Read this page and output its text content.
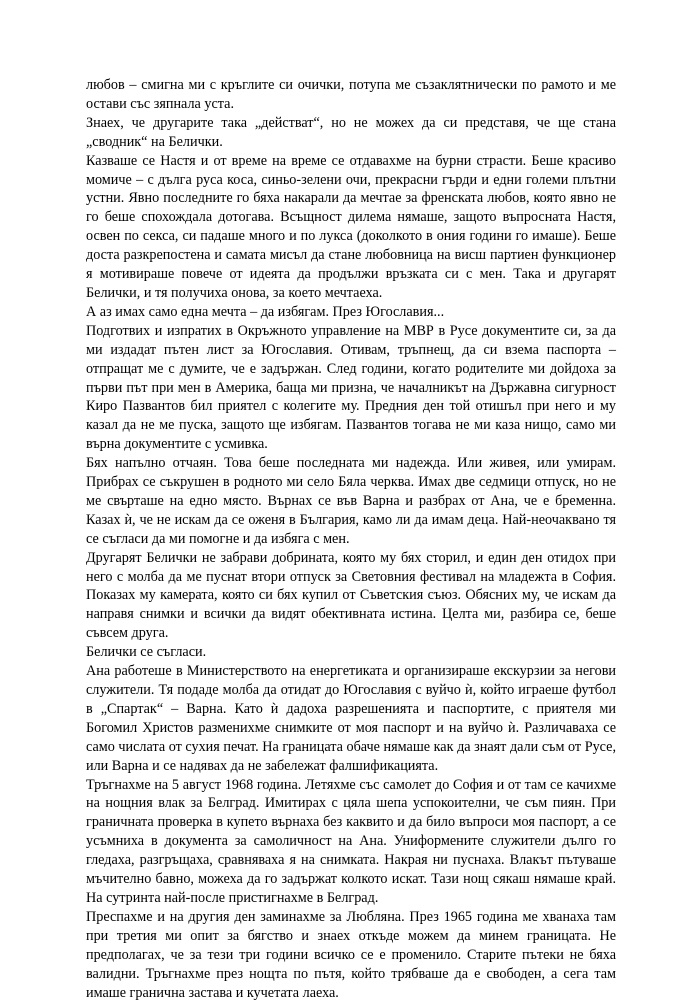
любов – смигна ми с кръглите си очички, потупа ме съзаклятнически по рамото и ме остави със зяпнала уста.

Знаех, че другарите така „действат“, но не можех да си представя, че ще стана „сводник“ на Белички.

Казваше се Настя и от време на време се отдавахме на бурни страсти. Беше красиво момиче – с дълга руса коса, синьо-зелени очи, прекрасни гърди и едни големи плътни устни. Явно последните го бяха накарали да мечтае за френската любов, която явно не го беше спохождала дотогава. Всъщност дилема нямаше, защото въпросната Настя, освен по секса, си падаше много и по лукса (доколкото в ония години го имаше). Беше доста разкрепостена и самата мисъл да стане любовница на висш партиен функционер я мотивираше повече от идеята да продължи връзката си с мен. Така и другарят Белички, и тя получиха онова, за което мечтаеха.

А аз имах само една мечта – да избягам. През Югославия...

Подготвих и изпратих в Окръжното управление на МВР в Русе документите си, за да ми издадат пътен лист за Югославия. Отивам, тръпнещ, да си взема паспорта – отпращат ме с думите, че е задържан. След години, когато родителите ми дойдоха за първи път при мен в Америка, баща ми призна, че началникът на Държавна сигурност Киро Пазвантов бил приятел с колегите му. Предния ден той отишъл при него и му казал да не ме пуска, защото ще избягам. Пазвантов тогава не ми каза нищо, само ми върна документите с усмивка.

Бях напълно отчаян. Това беше последната ми надежда. Или живея, или умирам. Прибрах се съкрушен в родното ми село Бяла черква. Имах две седмици отпуск, но не ме свърташе на едно място. Върнах се във Варна и разбрах от Ана, че е бременна. Казах ѝ, че не искам да се оженя в България, камо ли да имам деца. Най-неочаквано тя се съгласи да ми помогне и да избяга с мен.

Другарят Белички не забрави добрината, която му бях сторил, и един ден отидох при него с молба да ме пуснат втори отпуск за Световния фестивал на младежта в София. Показах му камерата, която си бях купил от Съветския съюз. Обясних му, че искам да направя снимки и всички да видят обективната истина. Целта ми, разбира се, беше съвсем друга.

Белички се съгласи.

Ана работеше в Министерството на енергетиката и организираше екскурзии за негови служители. Тя подаде молба да отидат до Югославия с вуйчо ѝ, който играеше футбол в „Спартак“ – Варна. Като ѝ дадоха разрешенията и паспортите, с приятеля ми Богомил Христов разменихме снимките от моя паспорт и на вуйчо ѝ. Различаваха се само числата от сухия печат. На границата обаче нямаше как да знаят дали съм от Русе, или Варна и се надявах да не забележат фалшификацията.

Тръгнахме на 5 август 1968 година. Летяхме със самолет до София и от там се качихме на нощния влак за Белград. Имитирах с цяла шепа успокоителни, че съм пиян. При граничната проверка в купето върнаха без каквито и да било въпроси моя паспорт, а се усъмниха в документа за самоличност на Ана. Униформените служители дълго го гледаха, разгръщаха, сравняваха я на снимката. Накрая ни пуснаха. Влакът пътуваше мъчително бавно, можеха да го задържат колкото искат. Тази нощ сякаш нямаше край. На сутринта най-после пристигнахме в Белград.

Преспахме и на другия ден заминахме за Любляна. През 1965 година ме хванаха там при третия ми опит за бягство и знаех откъде можем да минем границата. Не предполагах, че за тези три години всичко се е променило. Старите пътеки не бяха валидни. Тръгнахме през нощта по пътя, който трябваше да е свободен, а сега там имаше гранична застава и кучетата лаеха.
